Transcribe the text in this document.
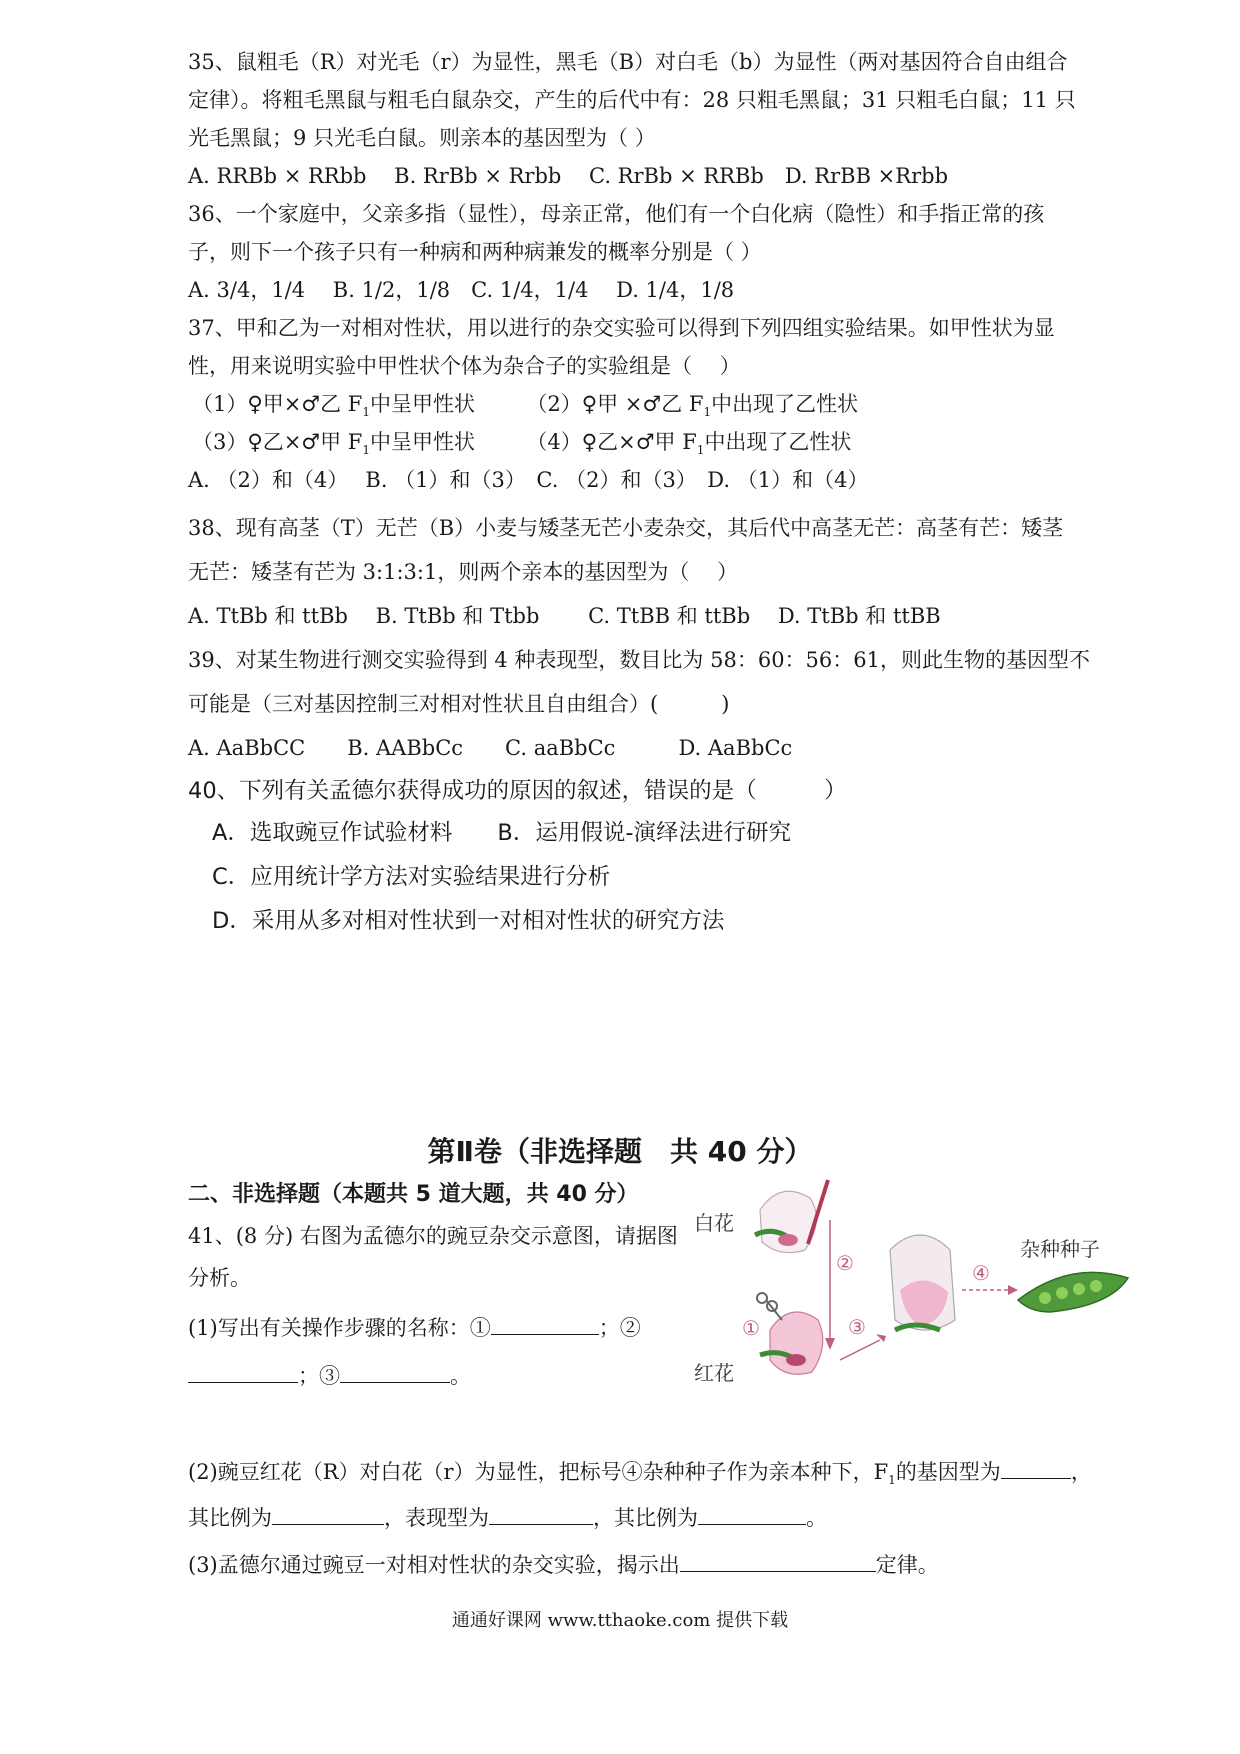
35、鼠粗毛（R）对光毛（r）为显性，黑毛（B）对白毛（b）为显性（两对基因符合自由组合
定律）。将粗毛黑鼠与粗毛白鼠杂交，产生的后代中有：28 只粗毛黑鼠；31 只粗毛白鼠；11 只
光毛黑鼠；9 只光毛白鼠。则亲本的基因型为（ ）
A. RRBb × RRbb　 B. RrBb × Rrbb　 C. RrBb × RRBb　D. RrBB ×Rrbb
36、一个家庭中，父亲多指（显性），母亲正常，他们有一个白化病（隐性）和手指正常的孩
子，则下一个孩子只有一种病和两种病兼发的概率分别是（ ）
A. 3/4，1/4　 B. 1/2，1/8　C. 1/4，1/4　 D. 1/4，1/8
37、甲和乙为一对相对性状，用以进行的杂交实验可以得到下列四组实验结果。如甲性状为显
性，用来说明实验中甲性状个体为杂合子的实验组是（　 ）
（1）♀甲×♂乙 $F_1$中呈甲性状 （2）♀甲 ×♂乙 $F_1$中出现了乙性状
（3）♀乙×♂甲 $F_1$中呈甲性状 （4）♀乙×♂甲 $F_1$中出现了乙性状
A. （2）和（4）　 B. （1）和（3）　C. （2）和（3）　D. （1）和（4）
38、现有高茎（T）无芒（B）小麦与矮茎无芒小麦杂交，其后代中高茎无芒：高茎有芒：矮茎
无芒：矮茎有芒为 3:1:3:1，则两个亲本的基因型为（　 ）
A. TtBb 和 ttBb　 B. TtBb 和 Ttbb　　 C. TtBB 和 ttBb　 D. TtBb 和 ttBB
39、对某生物进行测交实验得到 4 种表现型，数目比为 58：60：56：61，则此生物的基因型不
可能是（三对基因控制三对相对性状且自由组合）(　　　)
A. AaBbCC　　B. AABbCc　　C. aaBbCc　　　D. AaBbCc
40、下列有关孟德尔获得成功的原因的叙述，错误的是（　　　）
A．选取豌豆作试验材料　　B．运用假说-演绎法进行研究
C．应用统计学方法对实验结果进行分析
D．采用从多对相对性状到一对相对性状的研究方法
第Ⅱ卷（非选择题　共 40 分）
二、非选择题（本题共 5 道大题，共 40 分）
41、(8 分) 右图为孟德尔的豌豆杂交示意图，请据图
分析。
(1)写出有关操作步骤的名称：①	；②
；③	。
(2)豌豆红花（R）对白花（r）为显性，把标号④杂种种子作为亲本种下，$F_1$的基因型为	，
其比例为	，表现型为	，其比例为	。
(3)孟德尔通过豌豆一对相对性状的杂交实验，揭示出	定律。
白花
②
①
红花
③
④
杂种种子
通通好课网 www.tthaoke.com 提供下载
